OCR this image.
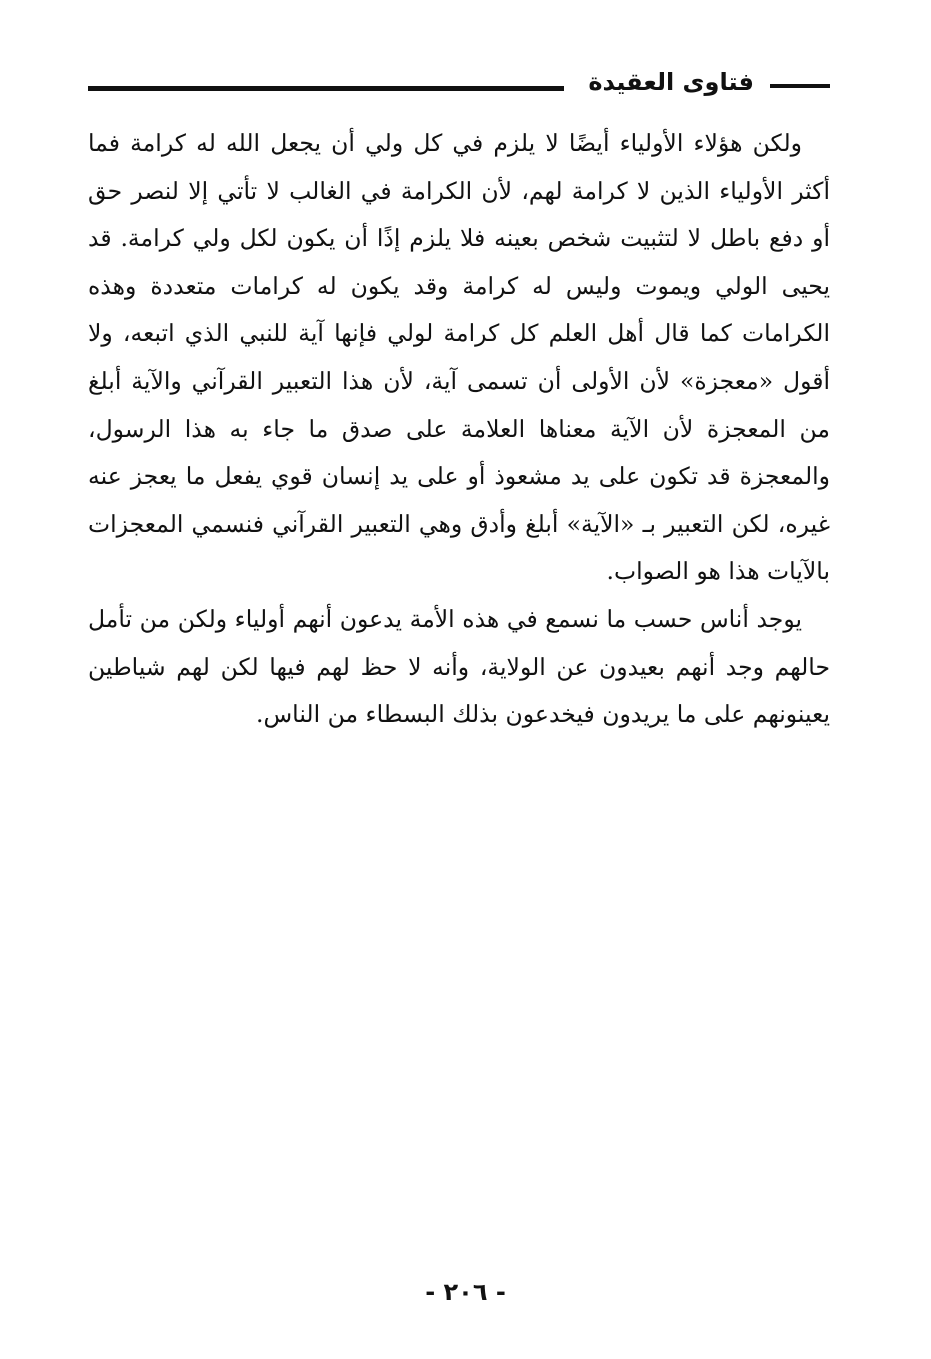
فتاوى العقيدة

ولكن هؤلاء الأولياء أيضًا لا يلزم في كل ولي أن يجعل الله له كرامة فما أكثر الأولياء الذين لا كرامة لهم، لأن الكرامة في الغالب لا تأتي إلا لنصر حق أو دفع باطل لا لتثبيت شخص بعينه فلا يلزم إذًا أن يكون لكل ولي كرامة. قد يحيى الولي ويموت وليس له كرامة وقد يكون له كرامات متعددة وهذه الكرامات كما قال أهل العلم كل كرامة لولي فإنها آية للنبي الذي اتبعه، ولا أقول «معجزة» لأن الأولى أن تسمى آية، لأن هذا التعبير القرآني والآية أبلغ من المعجزة لأن الآية معناها العلامة على صدق ما جاء به هذا الرسول، والمعجزة قد تكون على يد مشعوذ أو على يد إنسان قوي يفعل ما يعجز عنه غيره، لكن التعبير بـ «الآية» أبلغ وأدق وهي التعبير القرآني فنسمي المعجزات بالآيات هذا هو الصواب.

يوجد أناس حسب ما نسمع في هذه الأمة يدعون أنهم أولياء ولكن من تأمل حالهم وجد أنهم بعيدون عن الولاية، وأنه لا حظ لهم فيها لكن لهم شياطين يعينونهم على ما يريدون فيخدعون بذلك البسطاء من الناس.

- ٢٠٦ -
